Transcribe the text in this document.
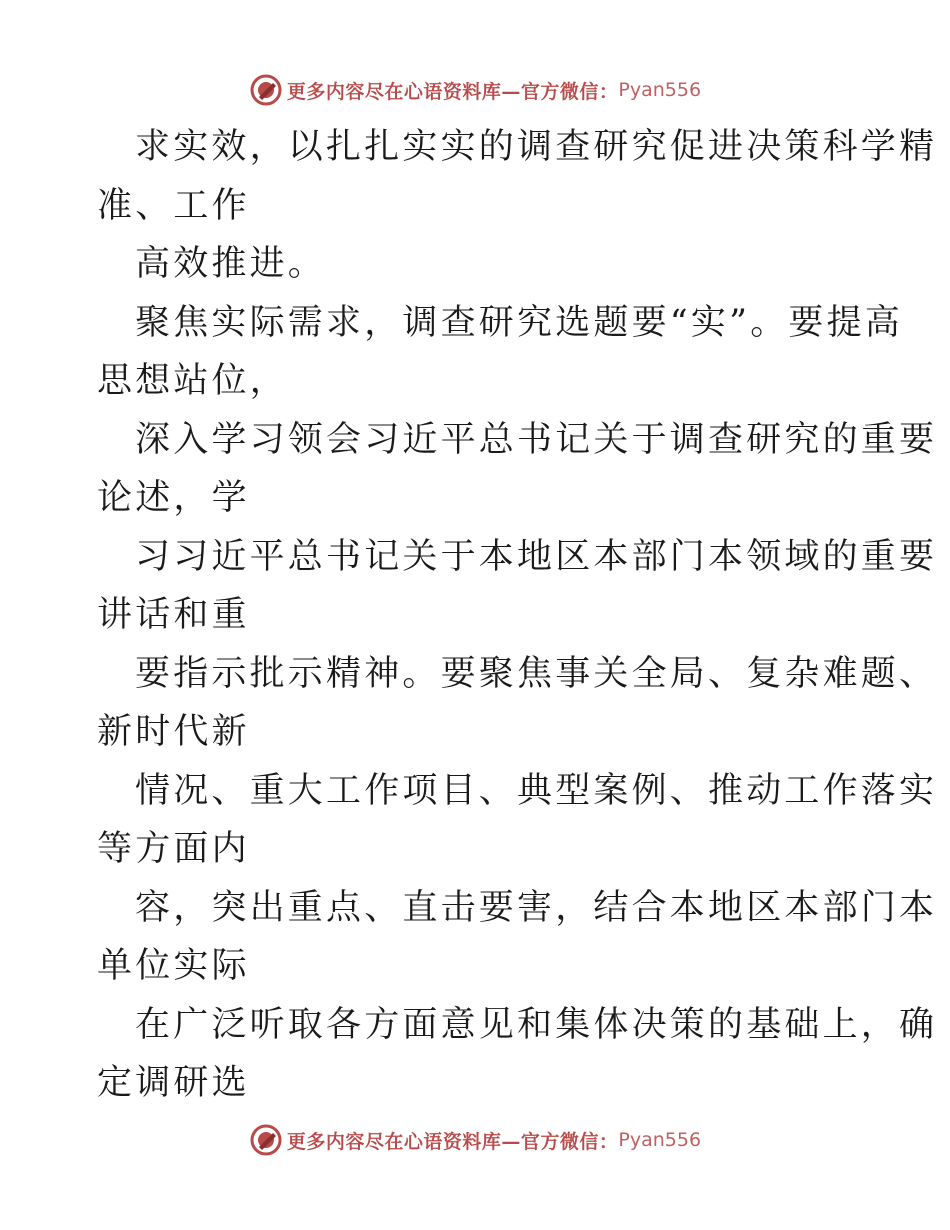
更多内容尽在心语资料库—官方微信： Pyan556
求实效，以扎扎实实的调查研究促进决策科学精
准、工作
高效推进。
聚焦实际需求，调查研究选题要“实”。要提高
思想站位，
深入学习领会习近平总书记关于调查研究的重要
论述，学
习习近平总书记关于本地区本部门本领域的重要
讲话和重
要指示批示精神。要聚焦事关全局、复杂难题、
新时代新
情况、重大工作项目、典型案例、推动工作落实
等方面内
容，突出重点、直击要害，结合本地区本部门本
单位实际
在广泛听取各方面意见和集体决策的基础上，确
定调研选
更多内容尽在心语资料库—官方微信： Pyan556
